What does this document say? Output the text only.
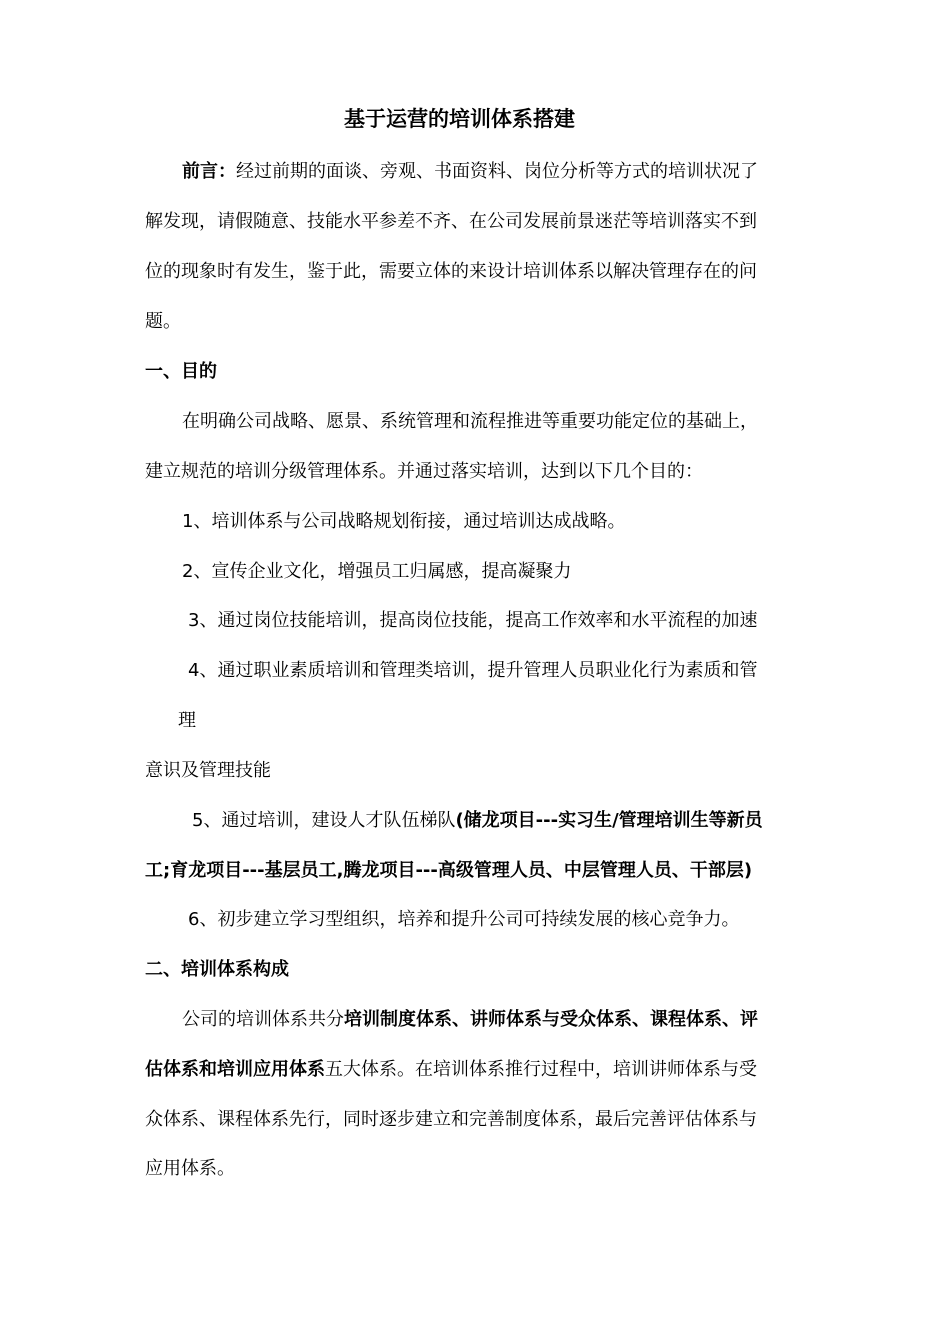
基于运营的培训体系搭建
前言：经过前期的面谈、旁观、书面资料、岗位分析等方式的培训状况了
解发现，请假随意、技能水平参差不齐、在公司发展前景迷茫等培训落实不到
位的现象时有发生，鉴于此，需要立体的来设计培训体系以解决管理存在的问
题。
一、目的
在明确公司战略、愿景、系统管理和流程推进等重要功能定位的基础上，
建立规范的培训分级管理体系。并通过落实培训，达到以下几个目的：
1、培训体系与公司战略规划衔接，通过培训达成战略。
2、宣传企业文化，增强员工归属感，提高凝聚力
3、通过岗位技能培训，提高岗位技能，提高工作效率和水平流程的加速
4、通过职业素质培训和管理类培训，提升管理人员职业化行为素质和管
理
意识及管理技能
5、通过培训，建设人才队伍梯队(储龙项目---实习生/管理培训生等新员
工;育龙项目---基层员工,腾龙项目---高级管理人员、中层管理人员、干部层)
6、初步建立学习型组织，培养和提升公司可持续发展的核心竞争力。
二、培训体系构成
公司的培训体系共分培训制度体系、讲师体系与受众体系、课程体系、评
估体系和培训应用体系五大体系。在培训体系推行过程中，培训讲师体系与受
众体系、课程体系先行，同时逐步建立和完善制度体系，最后完善评估体系与
应用体系。
